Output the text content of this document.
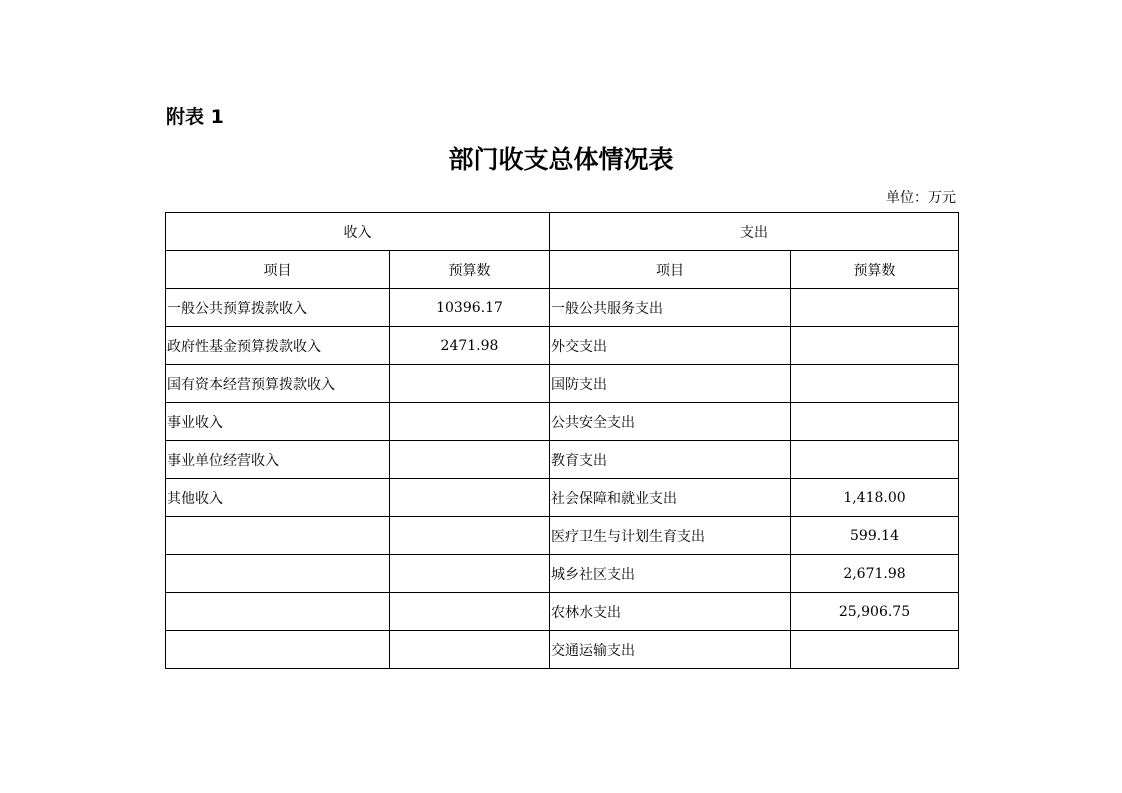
附表 1
部门收支总体情况表
单位：万元
收入		支出	
项目	预算数	项目	预算数
一般公共预算拨款收入	10396.17	一般公共服务支出	
政府性基金预算拨款收入	2471.98	外交支出	
国有资本经营预算拨款收入		国防支出	
事业收入		公共安全支出	
事业单位经营收入		教育支出	
其他收入		社会保障和就业支出	1,418.00
		医疗卫生与计划生育支出	599.14
		城乡社区支出	2,671.98
		农林水支出	25,906.75
		交通运输支出	
